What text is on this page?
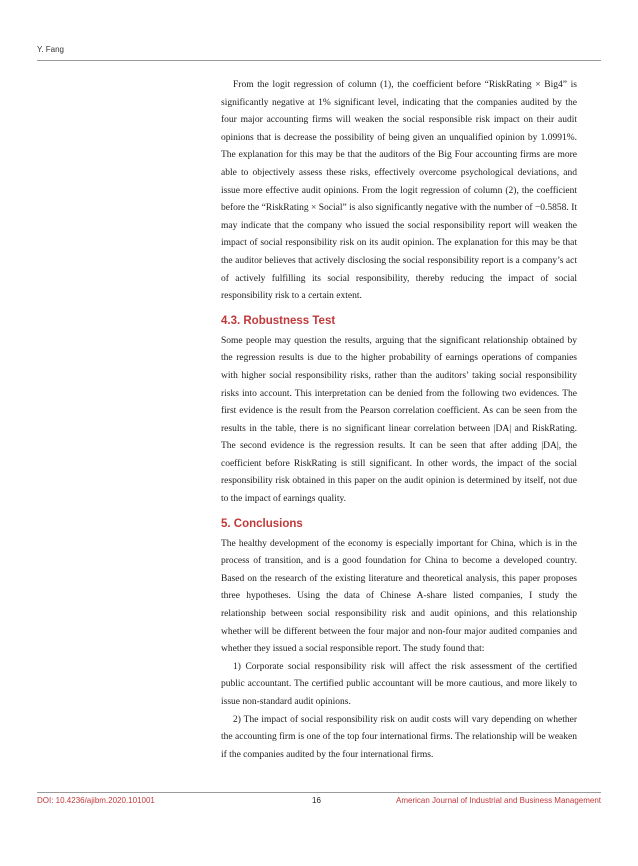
Y. Fang

From the logit regression of column (1), the coefficient before “RiskRating × Big4” is significantly negative at 1% significant level, indicating that the companies audited by the four major accounting firms will weaken the social responsible risk impact on their audit opinions that is decrease the possibility of being given an unqualified opinion by 1.0991%. The explanation for this may be that the auditors of the Big Four accounting firms are more able to objectively assess these risks, effectively overcome psychological deviations, and issue more effective audit opinions. From the logit regression of column (2), the coefficient before the “RiskRating × Social” is also significantly negative with the number of −0.5858. It may indicate that the company who issued the social responsibility report will weaken the impact of social responsibility risk on its audit opinion. The explanation for this may be that the auditor believes that actively disclosing the social responsibility report is a company’s act of actively fulfilling its social responsibility, thereby reducing the impact of social responsibility risk to a certain extent.

4.3. Robustness Test

Some people may question the results, arguing that the significant relationship obtained by the regression results is due to the higher probability of earnings operations of companies with higher social responsibility risks, rather than the auditors’ taking social responsibility risks into account. This interpretation can be denied from the following two evidences. The first evidence is the result from the Pearson correlation coefficient. As can be seen from the results in the table, there is no significant linear correlation between |DA| and RiskRating. The second evidence is the regression results. It can be seen that after adding |DA|, the coefficient before RiskRating is still significant. In other words, the impact of the social responsibility risk obtained in this paper on the audit opinion is determined by itself, not due to the impact of earnings quality.

5. Conclusions

The healthy development of the economy is especially important for China, which is in the process of transition, and is a good foundation for China to become a developed country. Based on the research of the existing literature and theoretical analysis, this paper proposes three hypotheses. Using the data of Chinese A-share listed companies, I study the relationship between social responsibility risk and audit opinions, and this relationship whether will be different between the four major and non-four major audited companies and whether they issued a social responsible report. The study found that:

1) Corporate social responsibility risk will affect the risk assessment of the certified public accountant. The certified public accountant will be more cautious, and more likely to issue non-standard audit opinions.

2) The impact of social responsibility risk on audit costs will vary depending on whether the accounting firm is one of the top four international firms. The relationship will be weaken if the companies audited by the four international firms.

DOI: 10.4236/ajibm.2020.101001	16	American Journal of Industrial and Business Management
